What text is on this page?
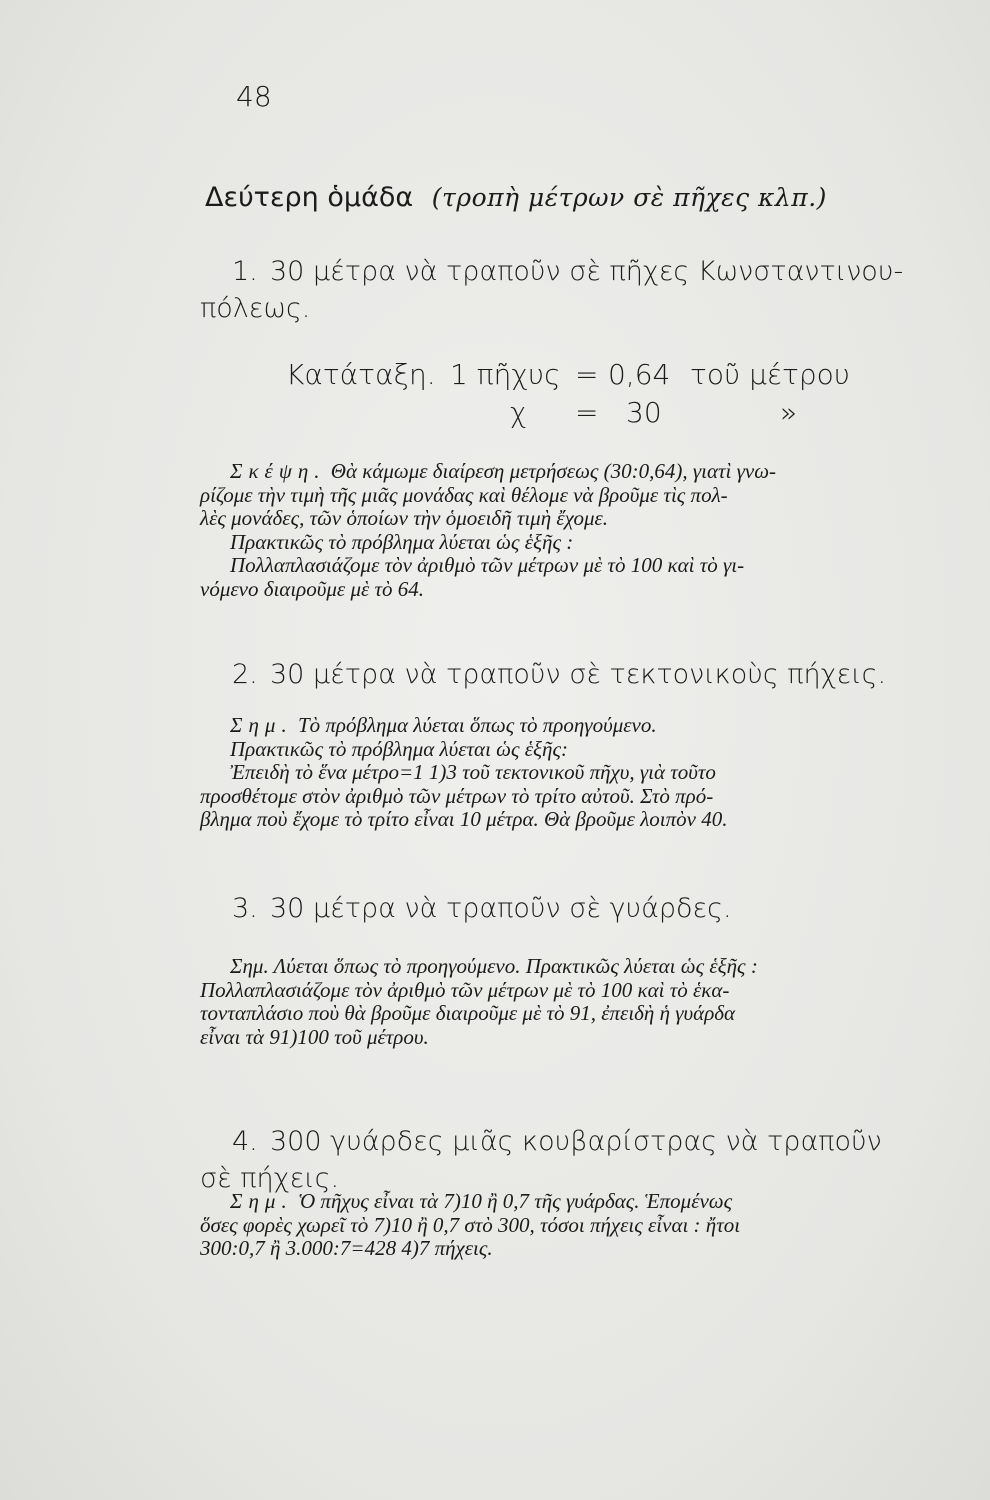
48
Δεύτερη ὁμάδα (τροπὴ μέτρων σὲ πῆχες κλπ.)
1. 30 μέτρα νὰ τραποῦν σὲ πῆχες Κωνσταντινου-
πόλεως.
Κατάταξη. 1 πῆχυς = 0,64 τοῦ μέτρου
χ = 30	»

Σκέψη. Θὰ κάμωμε διαίρεση μετρήσεως (30:0,64), γιατὶ γνω-

ρίζομε τὴν τιμὴ τῆς μιᾶς μονάδας καὶ θέλομε νὰ βροῦμε τὶς πολ-

λὲς μονάδες, τῶν ὁποίων τὴν ὁμοειδῆ τιμὴ ἔχομε.

Πρακτικῶς τὸ πρόβλημα λύεται ὡς ἑξῆς :

Πολλαπλασιάζομε τὸν ἀριθμὸ τῶν μέτρων μὲ τὸ 100 καὶ τὸ γι-

νόμενο διαιροῦμε μὲ τὸ 64.

2. 30 μέτρα νὰ τραποῦν σὲ τεκτονικοὺς πήχεις.

Σημ. Τὸ πρόβλημα λύεται ὅπως τὸ προηγούμενο.

Πρακτικῶς τὸ πρόβλημα λύεται ὡς ἑξῆς:

Ἐπειδὴ τὸ ἕνα μέτρο=1 1)3 τοῦ τεκτονικοῦ πῆχυ, γιὰ τοῦτο

προσθέτομε στὸν ἀριθμὸ τῶν μέτρων τὸ τρίτο αὐτοῦ. Στὸ πρό-

βλημα ποὺ ἔχομε τὸ τρίτο εἶναι 10 μέτρα. Θὰ βροῦμε λοιπὸν 40.

3. 30 μέτρα νὰ τραποῦν σὲ γυάρδες.

Σημ. Λύεται ὅπως τὸ προηγούμενο. Πρακτικῶς λύεται ὡς ἑξῆς :

Πολλαπλασιάζομε τὸν ἀριθμὸ τῶν μέτρων μὲ τὸ 100 καὶ τὸ ἑκα-

τονταπλάσιο ποὺ θὰ βροῦμε διαιροῦμε μὲ τὸ 91, ἐπειδὴ ἡ γυάρδα

εἶναι τὰ 91)100 τοῦ μέτρου.

4. 300 γυάρδες μιᾶς κουβαρίστρας νὰ τραποῦν
σὲ πήχεις.

Σημ. Ὁ πῆχυς εἶναι τὰ 7)10 ἢ 0,7 τῆς γυάρδας. Ἑπομένως

ὅσες φορὲς χωρεῖ τὸ 7)10 ἢ 0,7 στὸ 300, τόσοι πήχεις εἶναι : ἤτοι

300:0,7 ἢ 3.000:7=428 4)7 πήχεις.
